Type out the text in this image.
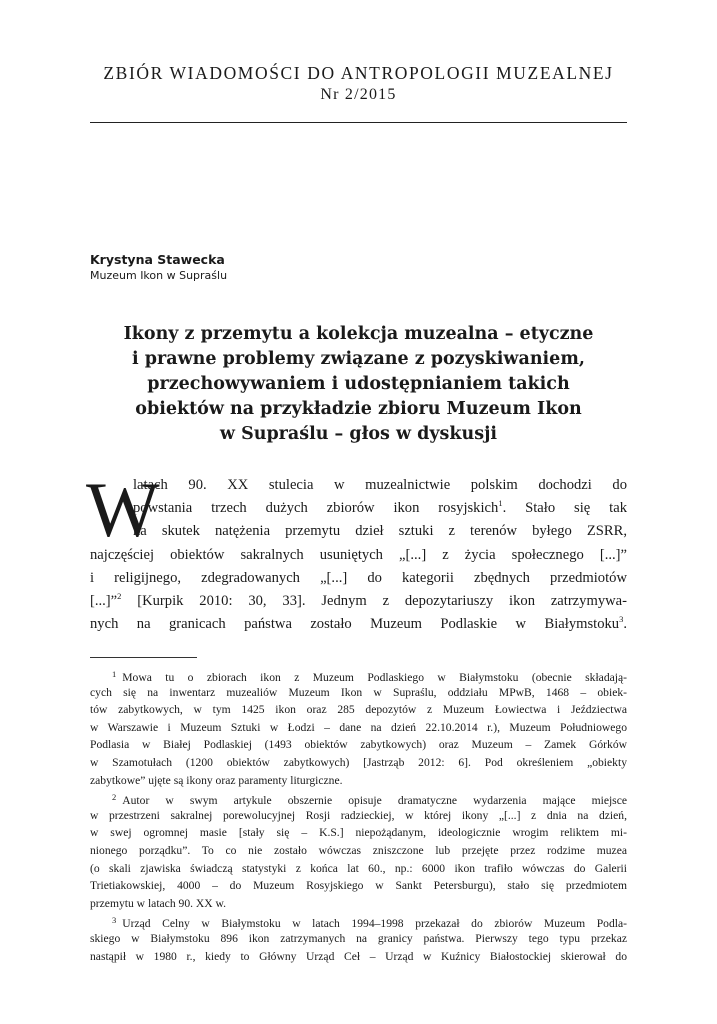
ZBIÓR WIADOMOŚCI DO ANTROPOLOGII MUZEALNEJ
Nr 2/2015
Krystyna Stawecka
Muzeum Ikon w Supraślu
Ikony z przemytu a kolekcja muzealna – etyczne
i prawne problemy związane z pozyskiwaniem,
przechowywaniem i udostępnianiem takich
obiektów na przykładzie zbioru Muzeum Ikon
w Supraślu – głos w dyskusji
W
latach 90. XX stulecia w muzealnictwie polskim dochodzi do
powstania trzech dużych zbiorów ikon rosyjskich$^1$. Stało się tak
na skutek natężenia przemytu dzieł sztuki z terenów byłego ZSRR,
najczęściej obiektów sakralnych usuniętych „[...] z życia społecznego [...]”
i religijnego, zdegradowanych „[...] do kategorii zbędnych przedmiotów
[...]”$^2$ [Kurpik 2010: 30, 33]. Jednym z depozytariuszy ikon zatrzymywa-
nych na granicach państwa zostało Muzeum Podlaskie w Białymstoku$^3$.
$^1$ Mowa tu o zbiorach ikon z Muzeum Podlaskiego w Białymstoku (obecnie składają-
cych się na inwentarz muzealiów Muzeum Ikon w Supraślu, oddziału MPwB, 1468 – obiek-
tów zabytkowych, w tym 1425 ikon oraz 285 depozytów z Muzeum Łowiectwa i Jeździectwa
w Warszawie i Muzeum Sztuki w Łodzi – dane na dzień 22.10.2014 r.), Muzeum Południowego
Podlasia w Białej Podlaskiej (1493 obiektów zabytkowych) oraz Muzeum – Zamek Górków
w Szamotułach (1200 obiektów zabytkowych) [Jastrząb 2012: 6]. Pod określeniem „obiekty
zabytkowe” ujęte są ikony oraz paramenty liturgiczne.
$^2$ Autor w swym artykule obszernie opisuje dramatyczne wydarzenia mające miejsce
w przestrzeni sakralnej porewolucyjnej Rosji radzieckiej, w której ikony „[...] z dnia na dzień,
w swej ogromnej masie [stały się – K.S.] niepożądanym, ideologicznie wrogim reliktem mi-
nionego porządku”. To co nie zostało wówczas zniszczone lub przejęte przez rodzime muzea
(o skali zjawiska świadczą statystyki z końca lat 60., np.: 6000 ikon trafiło wówczas do Galerii
Trietiakowskiej, 4000 – do Muzeum Rosyjskiego w Sankt Petersburgu), stało się przedmiotem
przemytu w latach 90. XX w.
$^3$ Urząd Celny w Białymstoku w latach 1994–1998 przekazał do zbiorów Muzeum Podla-
skiego w Białymstoku 896 ikon zatrzymanych na granicy państwa. Pierwszy tego typu przekaz
nastąpił w 1980 r., kiedy to Główny Urząd Ceł – Urząd w Kuźnicy Białostockiej skierował do
